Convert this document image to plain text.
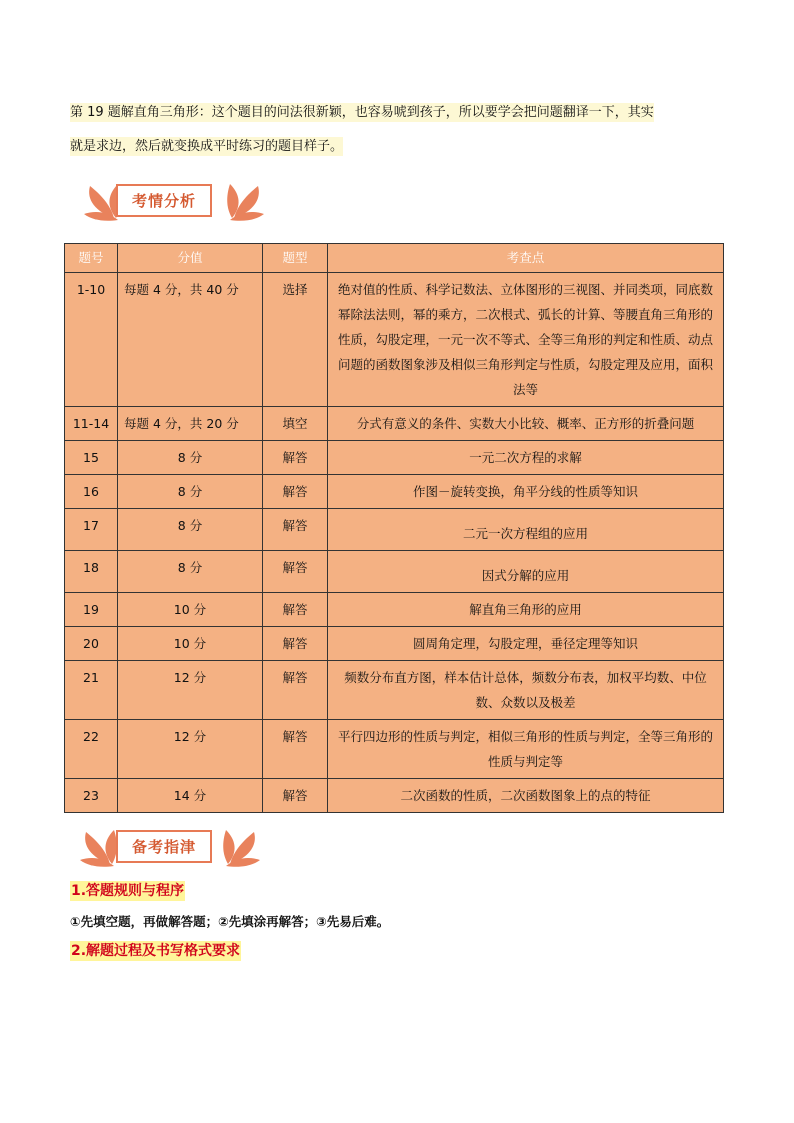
第 19 题解直角三角形：这个题目的问法很新颖，也容易唬到孩子，所以要学会把问题翻译一下，其实
就是求边，然后就变换成平时练习的题目样子。
考情分析
题号	分值	题型	考查点
1-10	每题 4 分，共 40 分	选择	绝对值的性质、科学记数法、立体图形的三视图、并同类项，同底数幂除法法则，幂的乘方，二次根式、弧长的计算、等腰直角三角形的性质，勾股定理，一元一次不等式、全等三角形的判定和性质、动点问题的函数图象涉及相似三角形判定与性质，勾股定理及应用，面积法等
11-14	每题 4 分，共 20 分	填空	分式有意义的条件、实数大小比较、概率、正方形的折叠问题
15	8 分	解答	一元二次方程的求解
16	8 分	解答	作图－旋转变换，角平分线的性质等知识
17	8 分	解答	二元一次方程组的应用
18	8 分	解答	因式分解的应用
19	10 分	解答	解直角三角形的应用
20	10 分	解答	圆周角定理，勾股定理，垂径定理等知识
21	12 分	解答	频数分布直方图，样本估计总体，频数分布表，加权平均数、中位数、众数以及极差
22	12 分	解答	平行四边形的性质与判定，相似三角形的性质与判定，全等三角形的性质与判定等
23	14 分	解答	二次函数的性质，二次函数图象上的点的特征
备考指津
1.答题规则与程序
①先填空题，再做解答题；②先填涂再解答；③先易后难。
2.解题过程及书写格式要求
